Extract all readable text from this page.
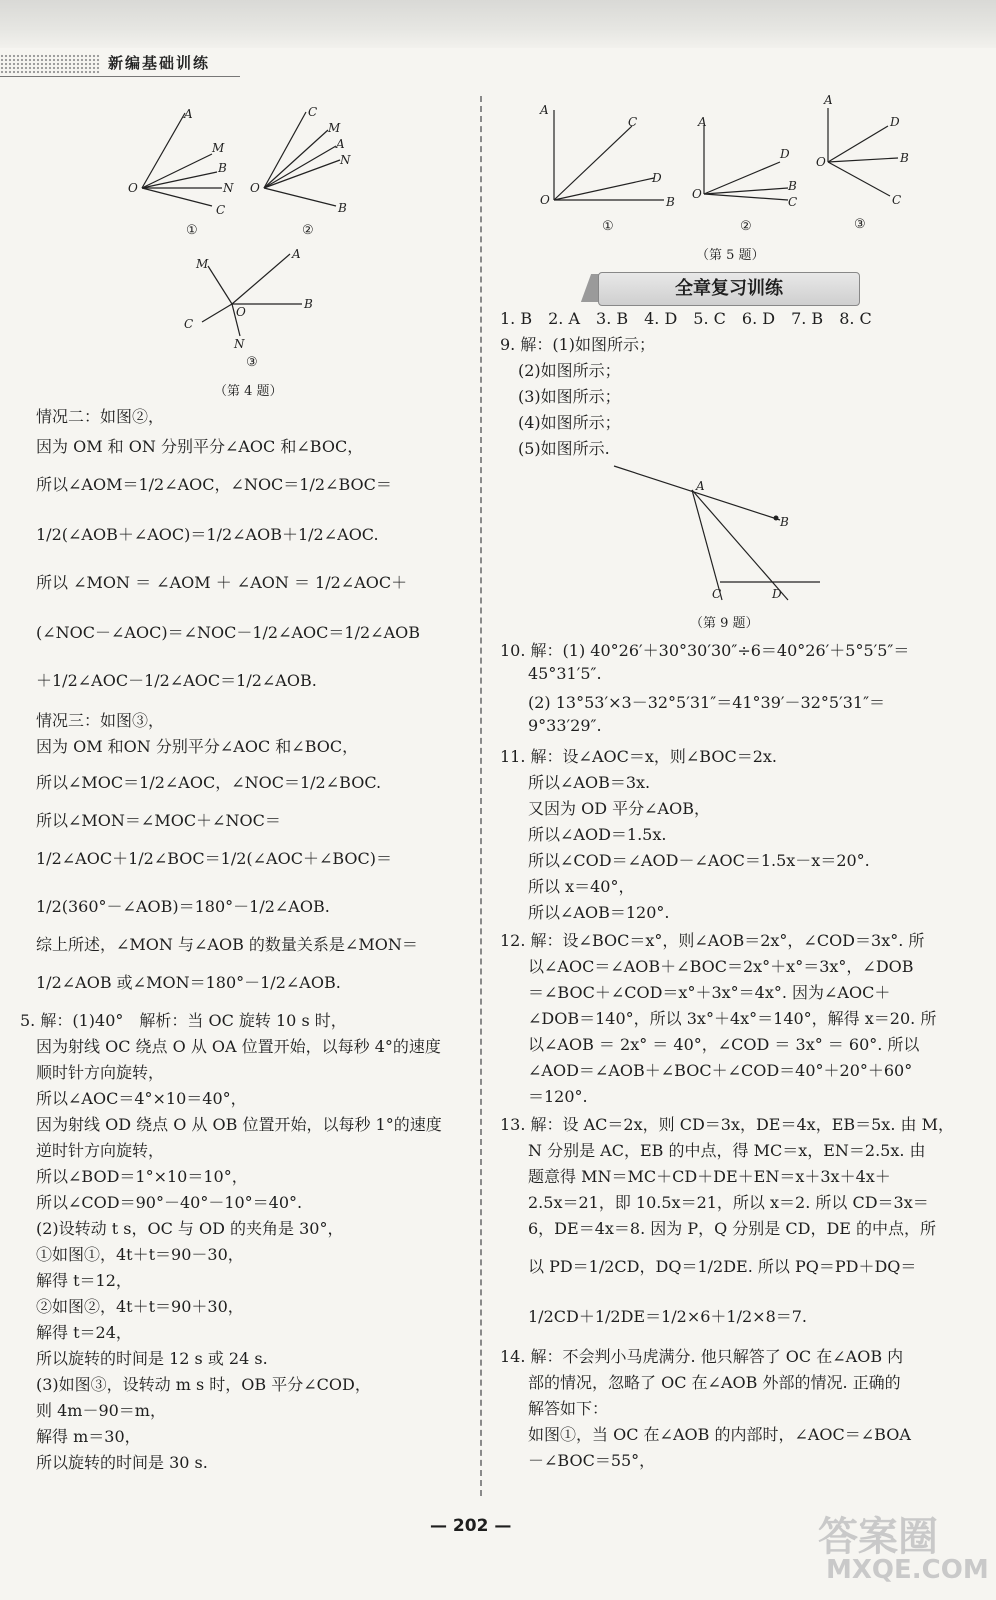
新编基础训练
O
A
M
B
N
C
①
O
C
M
A
N
B
②
A
B
M
C
O
N
③
（第 4 题）
情况二：如图②，
因为 OM 和 ON 分别平分∠AOC 和∠BOC，
所以∠AOM＝1/2∠AOC，∠NOC＝1/2∠BOC＝
1/2(∠AOB＋∠AOC)＝1/2∠AOB＋1/2∠AOC.
所以 ∠MON ＝ ∠AOM ＋ ∠AON ＝ 1/2∠AOC＋
(∠NOC－∠AOC)＝∠NOC－1/2∠AOC＝1/2∠AOB
＋1/2∠AOC－1/2∠AOC＝1/2∠AOB.
情况三：如图③，
因为 OM 和ON 分别平分∠AOC 和∠BOC，
所以∠MOC＝1/2∠AOC，∠NOC＝1/2∠BOC.
所以∠MON＝∠MOC＋∠NOC＝
1/2∠AOC＋1/2∠BOC＝1/2(∠AOC＋∠BOC)＝
1/2(360°－∠AOB)＝180°－1/2∠AOB.
综上所述，∠MON 与∠AOB 的数量关系是∠MON＝
1/2∠AOB 或∠MON＝180°－1/2∠AOB.
5. 解：(1)40°　解析：当 OC 旋转 10 s 时，
因为射线 OC 绕点 O 从 OA 位置开始，以每秒 4°的速度
顺时针方向旋转，
所以∠AOC＝4°×10＝40°，
因为射线 OD 绕点 O 从 OB 位置开始，以每秒 1°的速度
逆时针方向旋转，
所以∠BOD＝1°×10＝10°，
所以∠COD＝90°－40°－10°＝40°.
(2)设转动 t s，OC 与 OD 的夹角是 30°，
①如图①，4t＋t＝90－30，
解得 t＝12，
②如图②，4t＋t＝90＋30，
解得 t＝24，
所以旋转的时间是 12 s 或 24 s.
(3)如图③，设转动 m s 时，OB 平分∠COD，
则 4m－90＝m，
解得 m＝30，
所以旋转的时间是 30 s.
O
A
C
D
B
①
O
A
D
B
C
②
O
A
D
B
C
③
（第 5 题）
全章复习训练
1. B　2. A　3. B　4. D　5. C　6. D　7. B　8. C
9. 解：(1)如图所示；
(2)如图所示；
(3)如图所示；
(4)如图所示；
(5)如图所示.
A
B
C	D
（第 9 题）
10. 解：(1) 40°26′＋30°30′30″÷6＝40°26′＋5°5′5″＝
45°31′5″.
(2) 13°53′×3－32°5′31″＝41°39′－32°5′31″＝
9°33′29″.
11. 解：设∠AOC＝x，则∠BOC＝2x.
所以∠AOB＝3x.
又因为 OD 平分∠AOB，
所以∠AOD＝1.5x.
所以∠COD＝∠AOD－∠AOC＝1.5x－x＝20°.
所以 x＝40°，
所以∠AOB＝120°.
12. 解：设∠BOC＝x°，则∠AOB＝2x°，∠COD＝3x°. 所
以∠AOC＝∠AOB＋∠BOC＝2x°＋x°＝3x°，∠DOB
＝∠BOC＋∠COD＝x°＋3x°＝4x°. 因为∠AOC＋
∠DOB＝140°，所以 3x°＋4x°＝140°，解得 x＝20. 所
以∠AOB ＝ 2x° ＝ 40°，∠COD ＝ 3x° ＝ 60°. 所以
∠AOD＝∠AOB＋∠BOC＋∠COD＝40°＋20°＋60°
＝120°.
13. 解：设 AC＝2x，则 CD＝3x，DE＝4x，EB＝5x. 由 M，
N 分别是 AC，EB 的中点，得 MC＝x，EN＝2.5x. 由
题意得 MN＝MC＋CD＋DE＋EN＝x＋3x＋4x＋
2.5x＝21，即 10.5x＝21，所以 x＝2. 所以 CD＝3x＝
6，DE＝4x＝8. 因为 P，Q 分别是 CD，DE 的中点，所
以 PD＝1/2CD，DQ＝1/2DE. 所以 PQ＝PD＋DQ＝
1/2CD＋1/2DE＝1/2×6＋1/2×8＝7.
14. 解：不会判小马虎满分. 他只解答了 OC 在∠AOB 内
部的情况，忽略了 OC 在∠AOB 外部的情况. 正确的
解答如下：
如图①，当 OC 在∠AOB 的内部时，∠AOC＝∠BOA
－∠BOC＝55°，
— 202 —	答案圈
MXQE.COM
